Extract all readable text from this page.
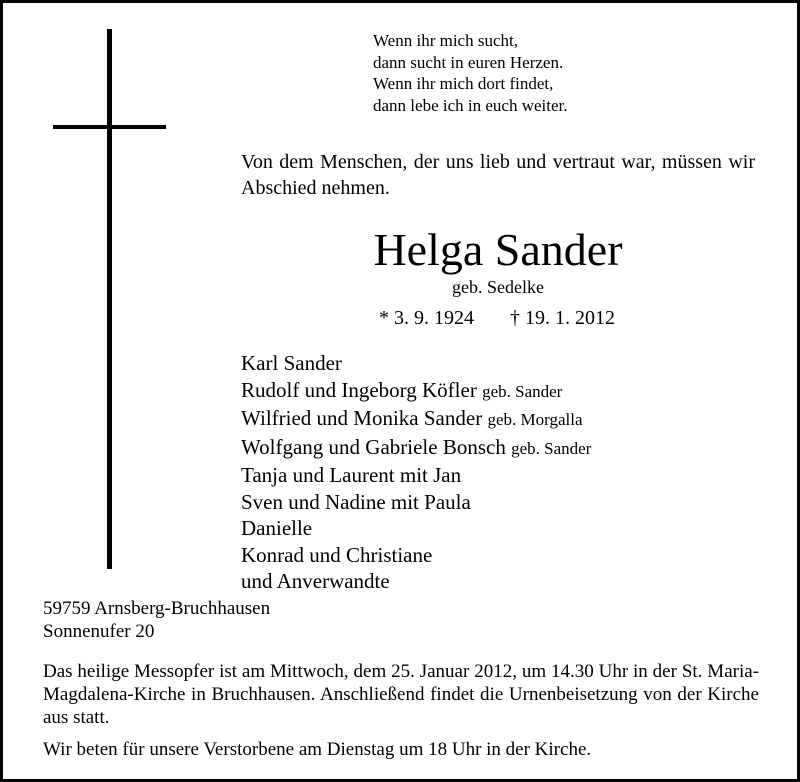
Wenn ihr mich sucht,
dann sucht in euren Herzen.
Wenn ihr mich dort findet,
dann lebe ich in euch weiter.
Von dem Menschen, der uns lieb und vertraut war, müssen wir Abschied nehmen.
Helga Sander
geb. Sedelke
* 3. 9. 1924 † 19. 1. 2012
Karl Sander
Rudolf und Ingeborg Köfler geb. Sander
Wilfried und Monika Sander geb. Morgalla
Wolfgang und Gabriele Bonsch geb. Sander
Tanja und Laurent mit Jan
Sven und Nadine mit Paula
Danielle
Konrad und Christiane
und Anverwandte
59759 Arnsberg-Bruchhausen
Sonnenufer 20
Das heilige Messopfer ist am Mittwoch, dem 25. Januar 2012, um 14.30 Uhr in der St. Maria-Magdalena-Kirche in Bruchhausen. Anschließend findet die Urnenbeisetzung von der Kirche aus statt.
Wir beten für unsere Verstorbene am Dienstag um 18 Uhr in der Kirche.
